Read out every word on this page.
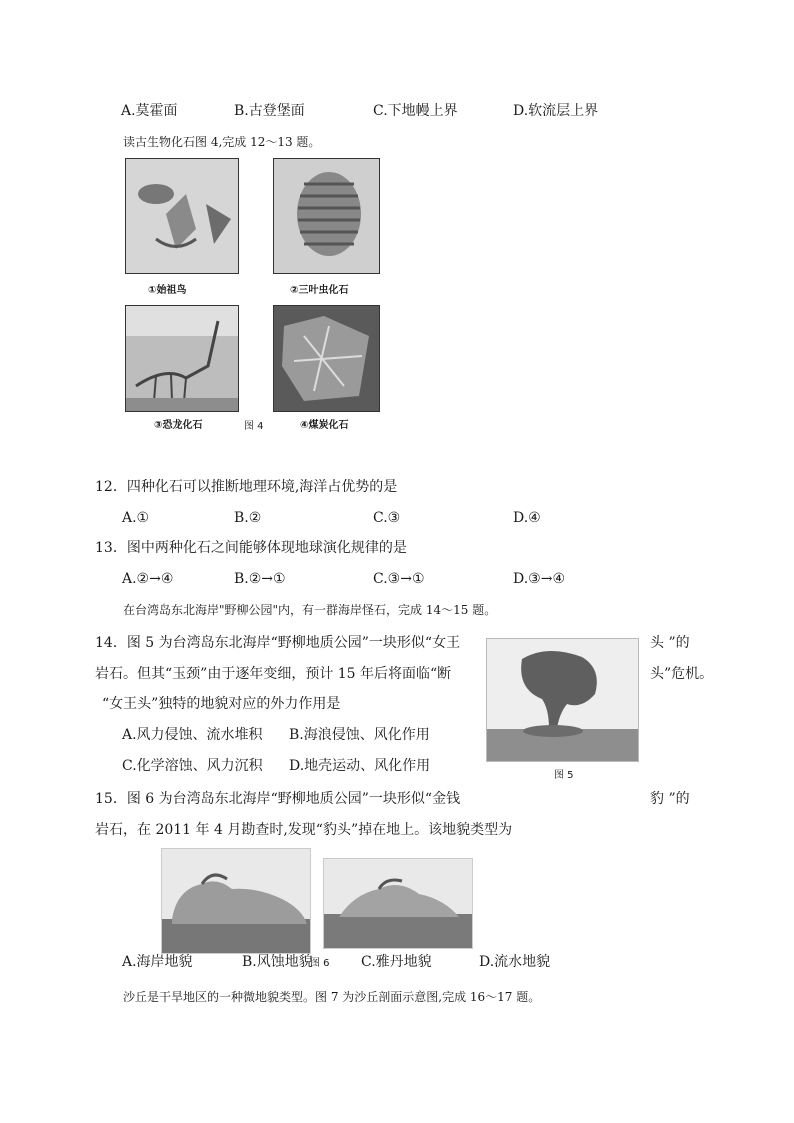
A.莫霍面	B.古登堡面	C.下地幔上界	D.软流层上界
读古生物化石图 4,完成 12～13 题。
①始祖鸟	②三叶虫化石
③恐龙化石	图 4	④煤炭化石
12．四种化石可以推断地理环境,海洋占优势的是
A.①	B.②	C.③	D.④
13．图中两种化石之间能够体现地球演化规律的是
A.②→④	B.②→①	C.③→①	D.③→④
在台湾岛东北海岸"野柳公园"内，有一群海岸怪石，完成 14～15 题。
14．图 5 为台湾岛东北海岸“野柳地质公园”一块形似“女王	头 ”的
岩石。但其“玉颈”由于逐年变细，预计 15 年后将面临“断	头”危机。
“女王头”独特的地貌对应的外力作用是
A.风力侵蚀、流水堆积 B.海浪侵蚀、风化作用
C.化学溶蚀、风力沉积 D.地壳运动、风化作用
图 5
15．图 6 为台湾岛东北海岸“野柳地质公园”一块形似“金钱	豹 ”的
岩石，在 2011 年 4 月勘查时,发现“豹头”掉在地上。该地貌类型为
A.海岸地貌	B.风蚀地貌
图 6 C.雅丹地貌	D.流水地貌
沙丘是干旱地区的一种微地貌类型。图 7 为沙丘剖面示意图,完成 16～17 题。
